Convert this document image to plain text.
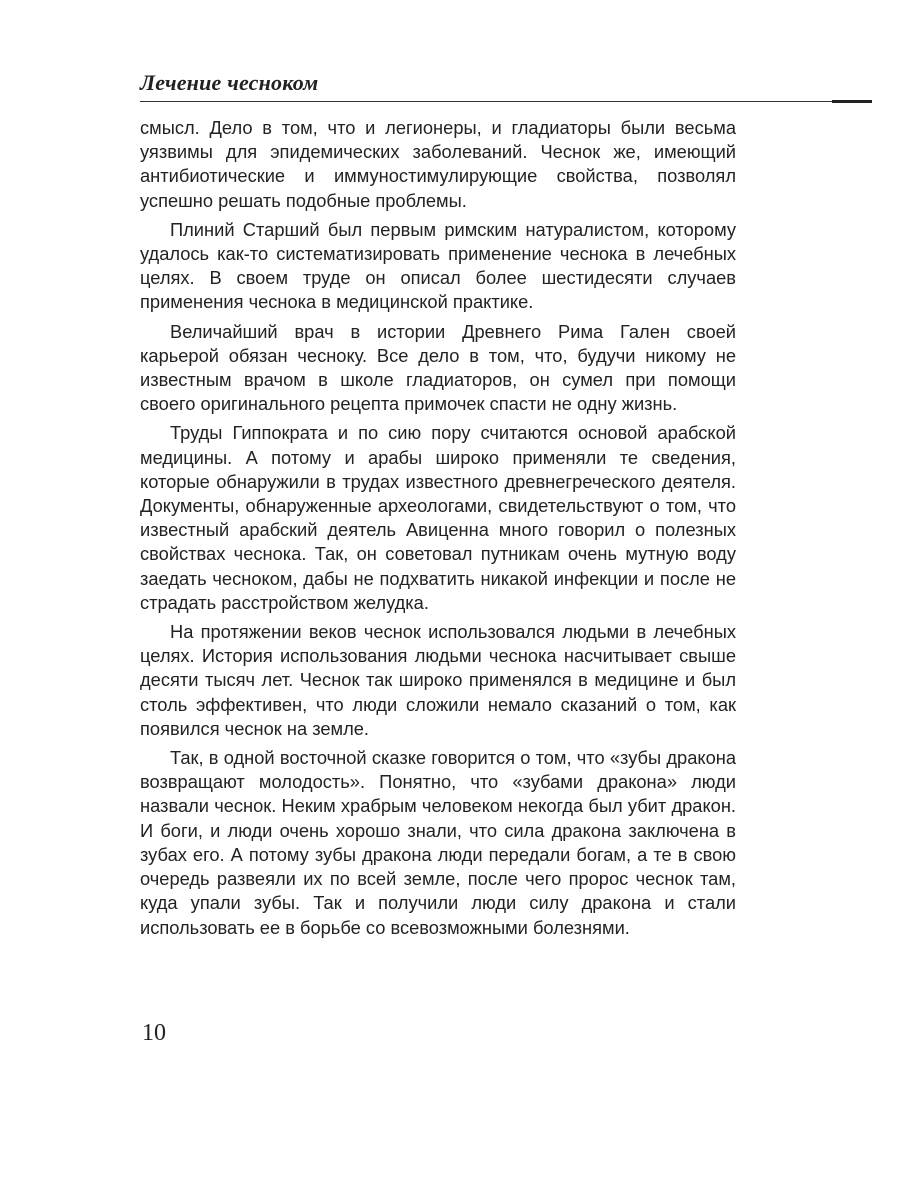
Лечение чесноком

смысл. Дело в том, что и легионеры, и гладиаторы были весьма уязвимы для эпидемических заболеваний. Чеснок же, имеющий антибиотические и иммуностимулирующие свойства, позволял успешно решать подобные проблемы.

Плиний Старший был первым римским натуралистом, которому удалось как-то систематизировать применение чеснока в лечебных целях. В своем труде он описал более шестидесяти случаев применения чеснока в медицинской практике.

Величайший врач в истории Древнего Рима Гален своей карьерой обязан чесноку. Все дело в том, что, будучи никому не известным врачом в школе гладиаторов, он сумел при помощи своего оригинального рецепта примочек спасти не одну жизнь.

Труды Гиппократа и по сию пору считаются основой арабской медицины. А потому и арабы широко применяли те сведения, которые обнаружили в трудах известного древнегреческого деятеля. Документы, обнаруженные археологами, свидетельствуют о том, что известный арабский деятель Авиценна много говорил о полезных свойствах чеснока. Так, он советовал путникам очень мутную воду заедать чесноком, дабы не подхватить никакой инфекции и после не страдать расстройством желудка.

На протяжении веков чеснок использовался людьми в лечебных целях. История использования людьми чеснока насчитывает свыше десяти тысяч лет. Чеснок так широко применялся в медицине и был столь эффективен, что люди сложили немало сказаний о том, как появился чеснок на земле.

Так, в одной восточной сказке говорится о том, что «зубы дракона возвращают молодость». Понятно, что «зубами дракона» люди назвали чеснок. Неким храбрым человеком некогда был убит дракон. И боги, и люди очень хорошо знали, что сила дракона заключена в зубах его. А потому зубы дракона люди передали богам, а те в свою очередь развеяли их по всей земле, после чего пророс чеснок там, куда упали зубы. Так и получили люди силу дракона и стали использовать ее в борьбе со всевозможными болезнями.

10
